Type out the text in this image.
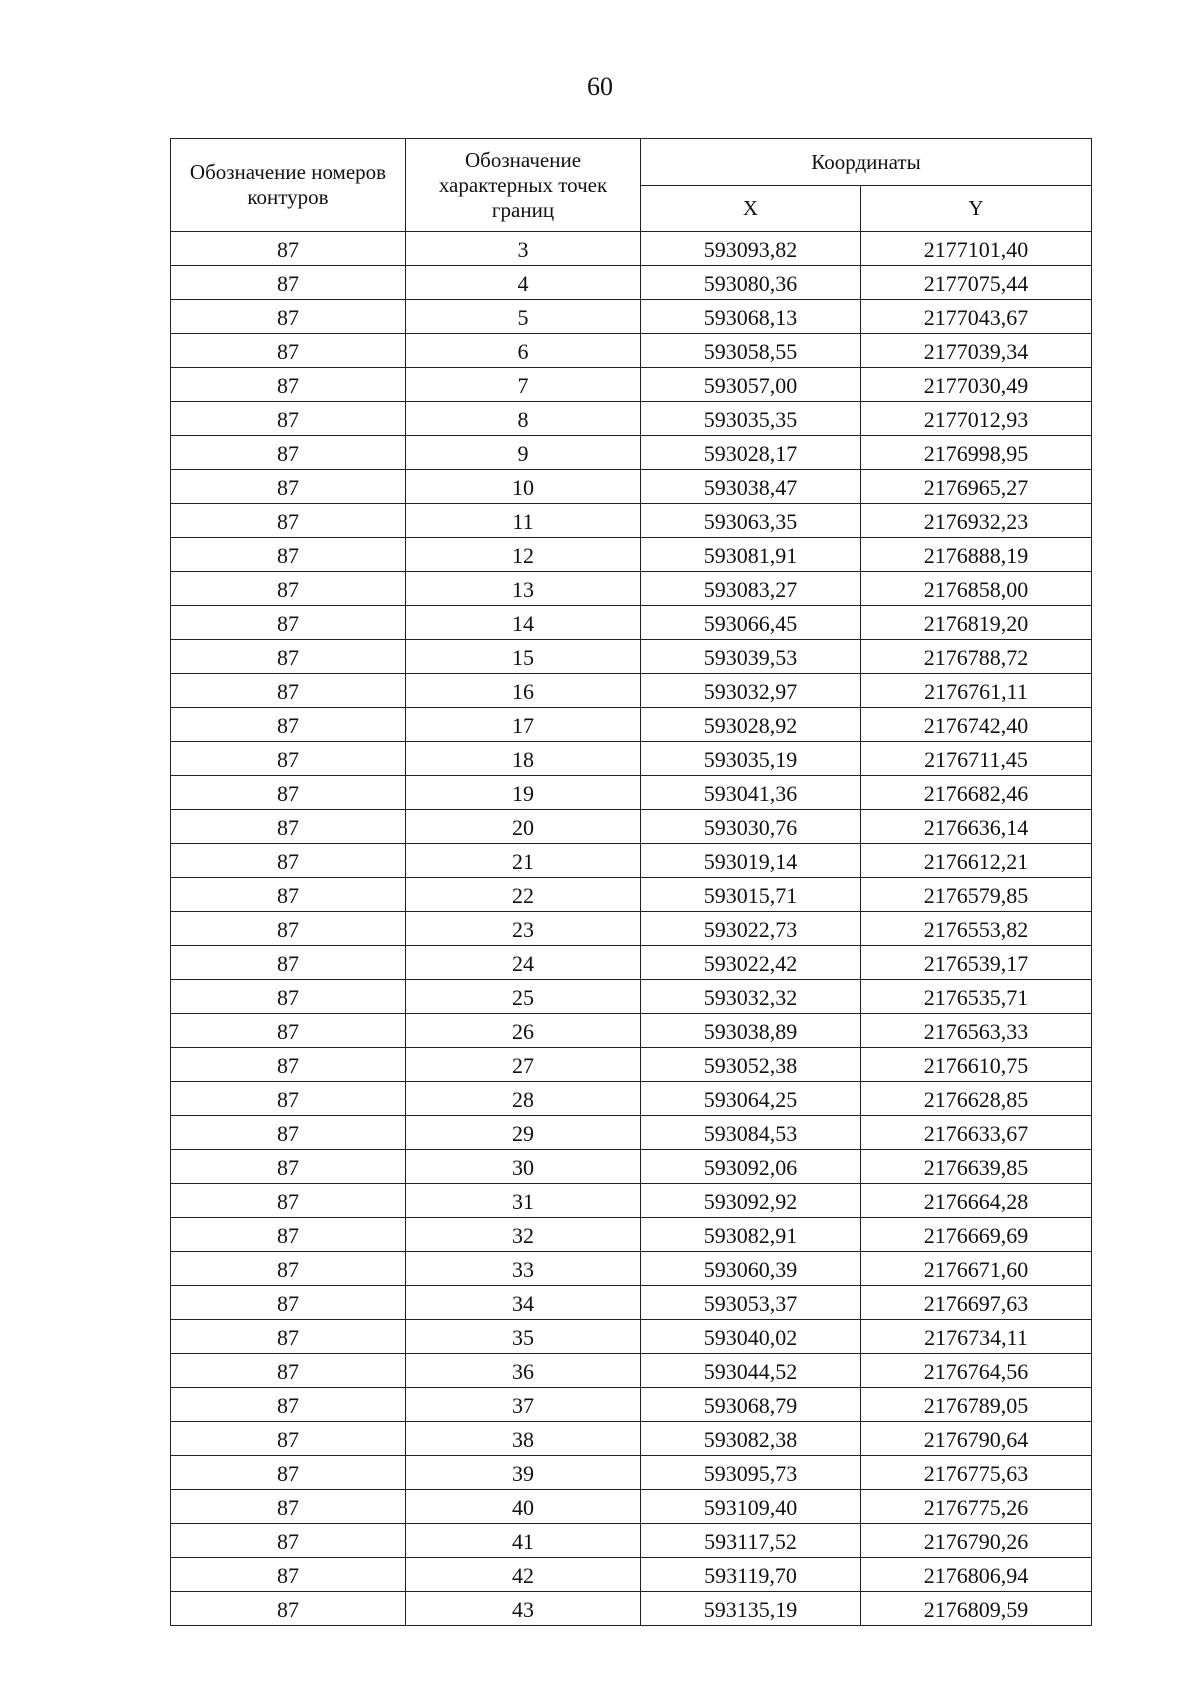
60
Обозначение номеров контуров	Обозначение характерных точек границ	Координаты	
		X	Y
87	3	593093,82	2177101,40
87	4	593080,36	2177075,44
87	5	593068,13	2177043,67
87	6	593058,55	2177039,34
87	7	593057,00	2177030,49
87	8	593035,35	2177012,93
87	9	593028,17	2176998,95
87	10	593038,47	2176965,27
87	11	593063,35	2176932,23
87	12	593081,91	2176888,19
87	13	593083,27	2176858,00
87	14	593066,45	2176819,20
87	15	593039,53	2176788,72
87	16	593032,97	2176761,11
87	17	593028,92	2176742,40
87	18	593035,19	2176711,45
87	19	593041,36	2176682,46
87	20	593030,76	2176636,14
87	21	593019,14	2176612,21
87	22	593015,71	2176579,85
87	23	593022,73	2176553,82
87	24	593022,42	2176539,17
87	25	593032,32	2176535,71
87	26	593038,89	2176563,33
87	27	593052,38	2176610,75
87	28	593064,25	2176628,85
87	29	593084,53	2176633,67
87	30	593092,06	2176639,85
87	31	593092,92	2176664,28
87	32	593082,91	2176669,69
87	33	593060,39	2176671,60
87	34	593053,37	2176697,63
87	35	593040,02	2176734,11
87	36	593044,52	2176764,56
87	37	593068,79	2176789,05
87	38	593082,38	2176790,64
87	39	593095,73	2176775,63
87	40	593109,40	2176775,26
87	41	593117,52	2176790,26
87	42	593119,70	2176806,94
87	43	593135,19	2176809,59
